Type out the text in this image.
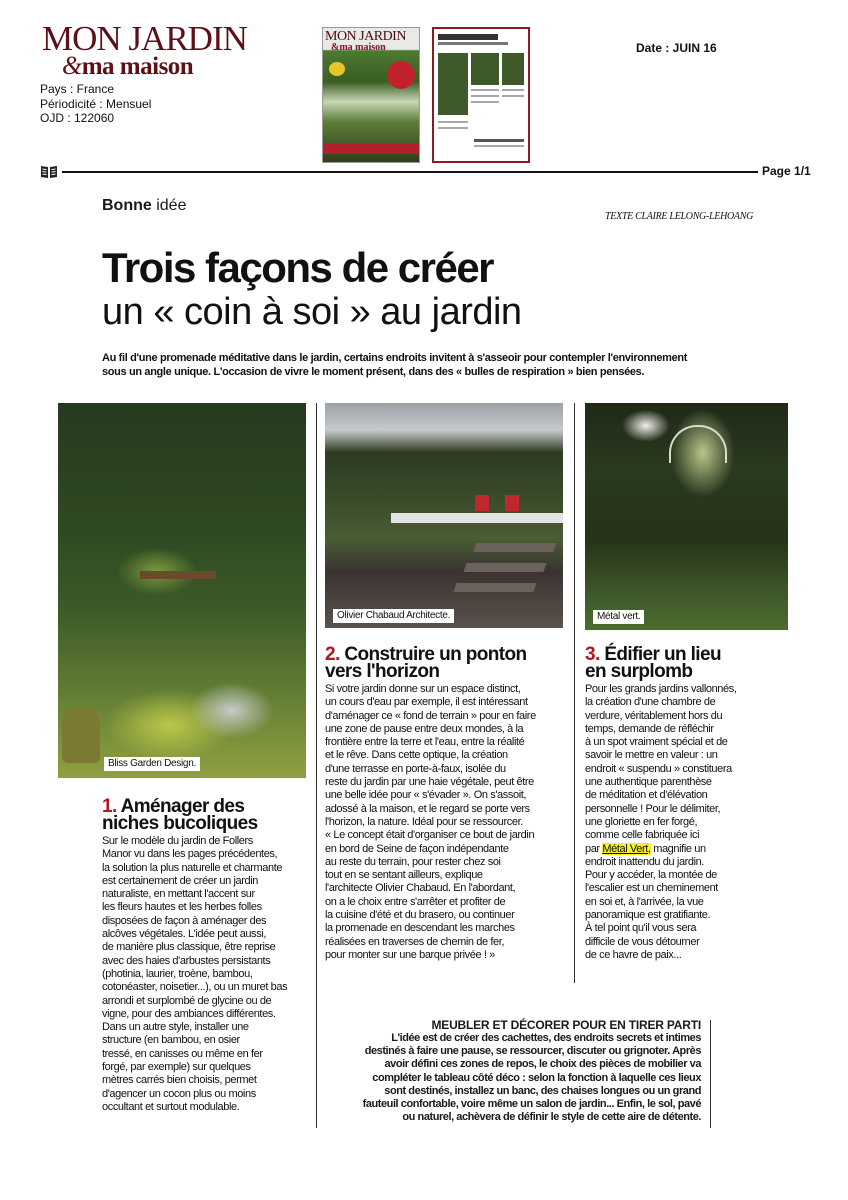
MON JARDIN
&ma maison
Pays : France
Périodicité : Mensuel
OJD : 122060
MON JARDIN
&ma maison	Date : JUIN 16
Page 1/1
Bonne idée
TEXTE CLAIRE LELONG-LEHOANG
Trois façons de créer
un « coin à soi » au jardin
Au fil d'une promenade méditative dans le jardin, certains endroits invitent à s'asseoir pour contempler l'environnement
sous un angle unique. L'occasion de vivre le moment présent, dans des « bulles de respiration » bien pensées.
Bliss Garden Design.
Olivier Chabaud Architecte.	Métal vert.
1. Aménager des
niches bucoliques
Sur le modèle du jardin de Follers
Manor vu dans les pages précédentes,
la solution la plus naturelle et charmante
est certainement de créer un jardin
naturaliste, en mettant l'accent sur
les fleurs hautes et les herbes folles
disposées de façon à aménager des
alcôves végétales. L'idée peut aussi,
de manière plus classique, être reprise
avec des haies d'arbustes persistants
(photinia, laurier, troène, bambou,
cotonéaster, noisetier...), ou un muret bas
arrondi et surplombé de glycine ou de
vigne, pour des ambiances différentes.
Dans un autre style, installer une
structure (en bambou, en osier
tressé, en canisses ou même en fer
forgé, par exemple) sur quelques
mètres carrés bien choisis, permet
d'agencer un cocon plus ou moins
occultant et surtout modulable.
2. Construire un ponton
vers l'horizon
Si votre jardin donne sur un espace distinct,
un cours d'eau par exemple, il est intéressant
d'aménager ce « fond de terrain » pour en faire
une zone de pause entre deux mondes, à la
frontière entre la terre et l'eau, entre la réalité
et le rêve. Dans cette optique, la création
d'une terrasse en porte-à-faux, isolée du
reste du jardin par une haie végétale, peut être
une belle idée pour « s'évader ». On s'assoit,
adossé à la maison, et le regard se porte vers
l'horizon, la nature. Idéal pour se ressourcer.
« Le concept était d'organiser ce bout de jardin
en bord de Seine de façon indépendante
au reste du terrain, pour rester chez soi
tout en se sentant ailleurs, explique
l'architecte Olivier Chabaud. En l'abordant,
on a le choix entre s'arrêter et profiter de
la cuisine d'été et du brasero, ou continuer
la promenade en descendant les marches
réalisées en traverses de chemin de fer,
pour monter sur une barque privée ! »
3. Édifier un lieu
en surplomb
Pour les grands jardins vallonnés,
la création d'une chambre de
verdure, véritablement hors du
temps, demande de réfléchir
à un spot vraiment spécial et de
savoir le mettre en valeur : un
endroit « suspendu » constituera
une authentique parenthèse
de méditation et d'élévation
personnelle ! Pour le délimiter,
une gloriette en fer forgé,
comme celle fabriquée ici
par Métal Vert, magnifie un
endroit inattendu du jardin.
Pour y accéder, la montée de
l'escalier est un cheminement
en soi et, à l'arrivée, la vue
panoramique est gratifiante.
À tel point qu'il vous sera
difficile de vous détourner
de ce havre de paix...
MEUBLER ET DÉCORER POUR EN TIRER PARTI
L'idée est de créer des cachettes, des endroits secrets et intimes
destinés à faire une pause, se ressourcer, discuter ou grignoter. Après
avoir défini ces zones de repos, le choix des pièces de mobilier va
compléter le tableau côté déco : selon la fonction à laquelle ces lieux
sont destinés, installez un banc, des chaises longues ou un grand
fauteuil confortable, voire même un salon de jardin... Enfin, le sol, pavé
ou naturel, achèvera de définir le style de cette aire de détente.
